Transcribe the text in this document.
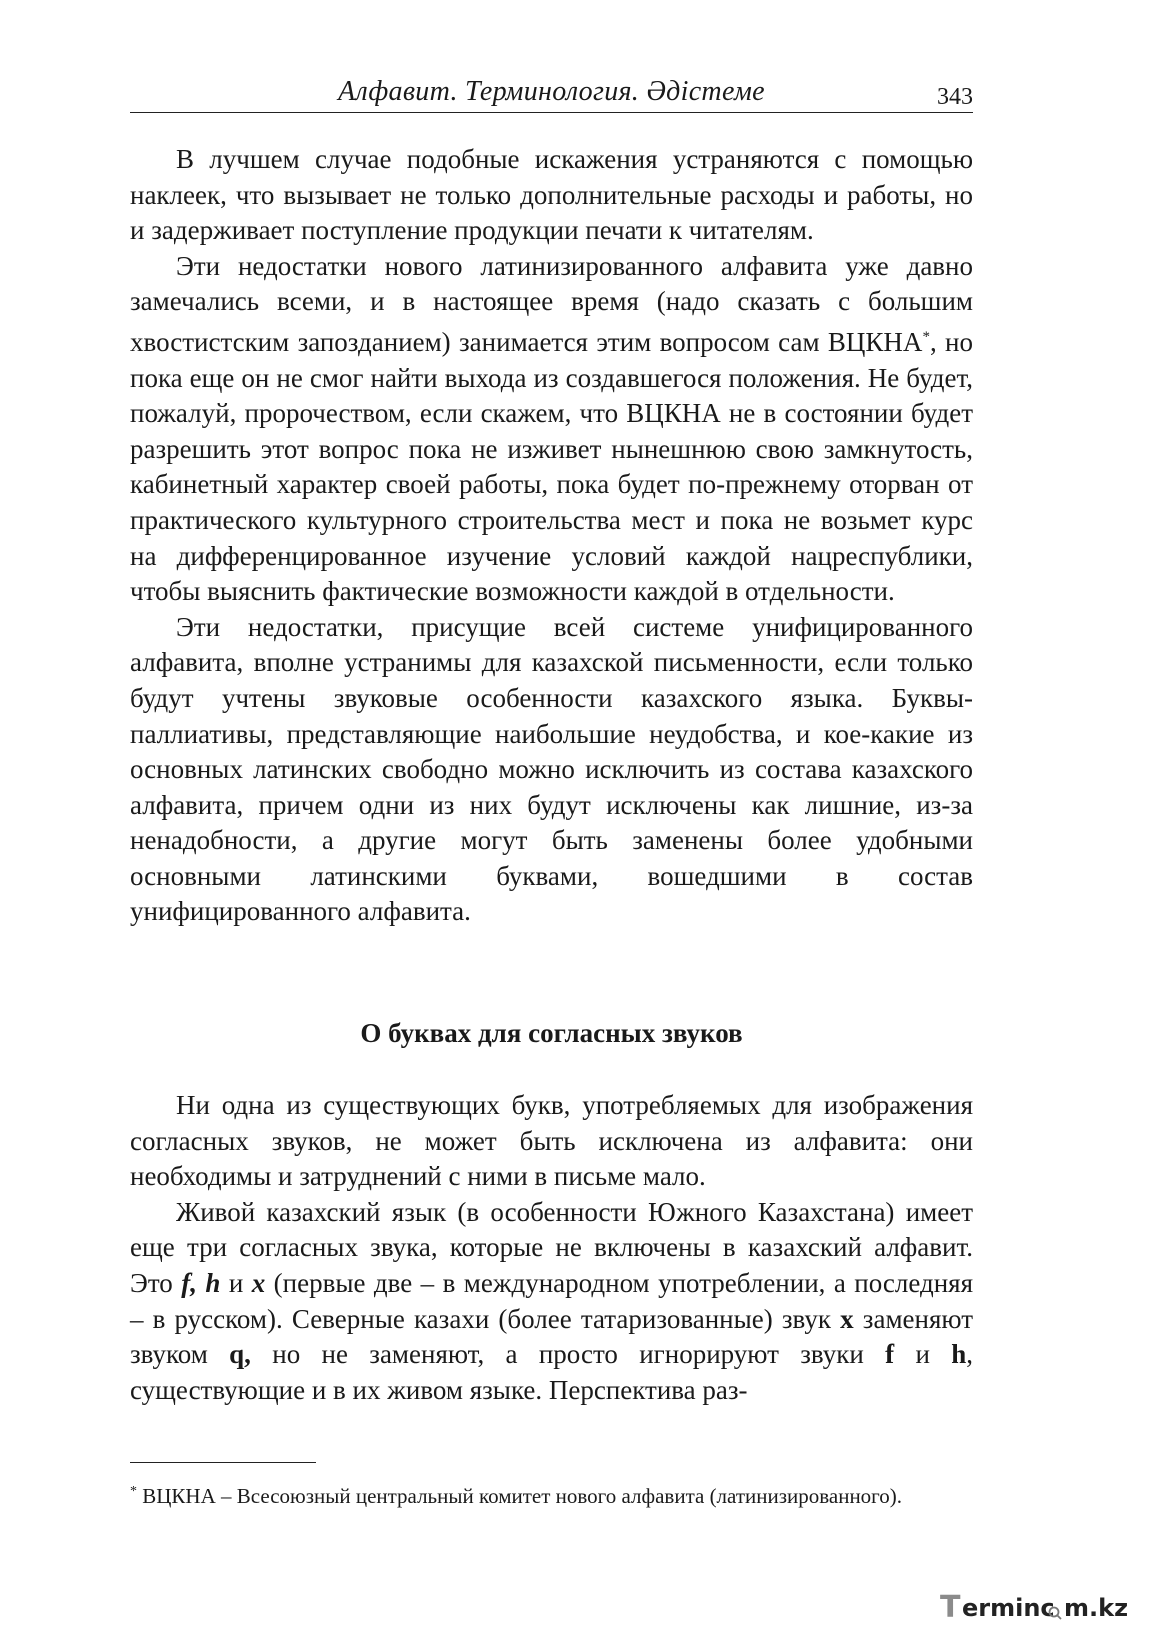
Алфавит. Терминология. Әдістеме	343

В лучшем случае подобные искажения устраняются с помощью наклеек, что вызывает не только дополнительные расходы и работы, но и задерживает поступление продукции печати к читателям.

Эти недостатки нового латинизированного алфавита уже давно замечались всеми, и в настоящее время (надо сказать с большим хвостистским запозданием) занимается этим вопросом сам ВЦКНА*, но пока еще он не смог найти выхода из создавшегося положения. Не будет, пожалуй, пророчеством, если скажем, что ВЦКНА не в состоянии будет разрешить этот вопрос пока не изживет нынешнюю свою замкнутость, кабинетный характер своей работы, пока будет по-прежнему оторван от практического культурного строительства мест и пока не возьмет курс на дифференцированное изучение условий каждой нацреспублики, чтобы выяснить фактические возможности каждой в отдельности.

Эти недостатки, присущие всей системе унифицированного алфавита, вполне устранимы для казахской письменности, если только будут учтены звуковые особенности казахского языка. Буквы-паллиативы, представляющие наибольшие неудобства, и кое-какие из основных латинских свободно можно исключить из состава казахского алфавита, причем одни из них будут исключены как лишние, из-за ненадобности, а другие могут быть заменены более удобными основными латинскими буквами, вошедшими в состав унифицированного алфавита.

О буквах для согласных звуков

Ни одна из существующих букв, употребляемых для изображения согласных звуков, не может быть исключена из алфавита: они необходимы и затруднений с ними в письме мало.

Живой казахский язык (в особенности Южного Казахстана) имеет еще три согласных звука, которые не включены в казахский алфавит. Это f, h и x (первые две – в международном употреблении, а последняя – в русском). Северные казахи (более татаризованные) звук x заменяют звуком q, но не заменяют, а просто игнорируют звуки f и h, существующие и в их живом языке. Перспектива раз-

* ВЦКНА – Всесоюзный центральный комитет нового алфавита (латинизированного).
T erminc m.kz
